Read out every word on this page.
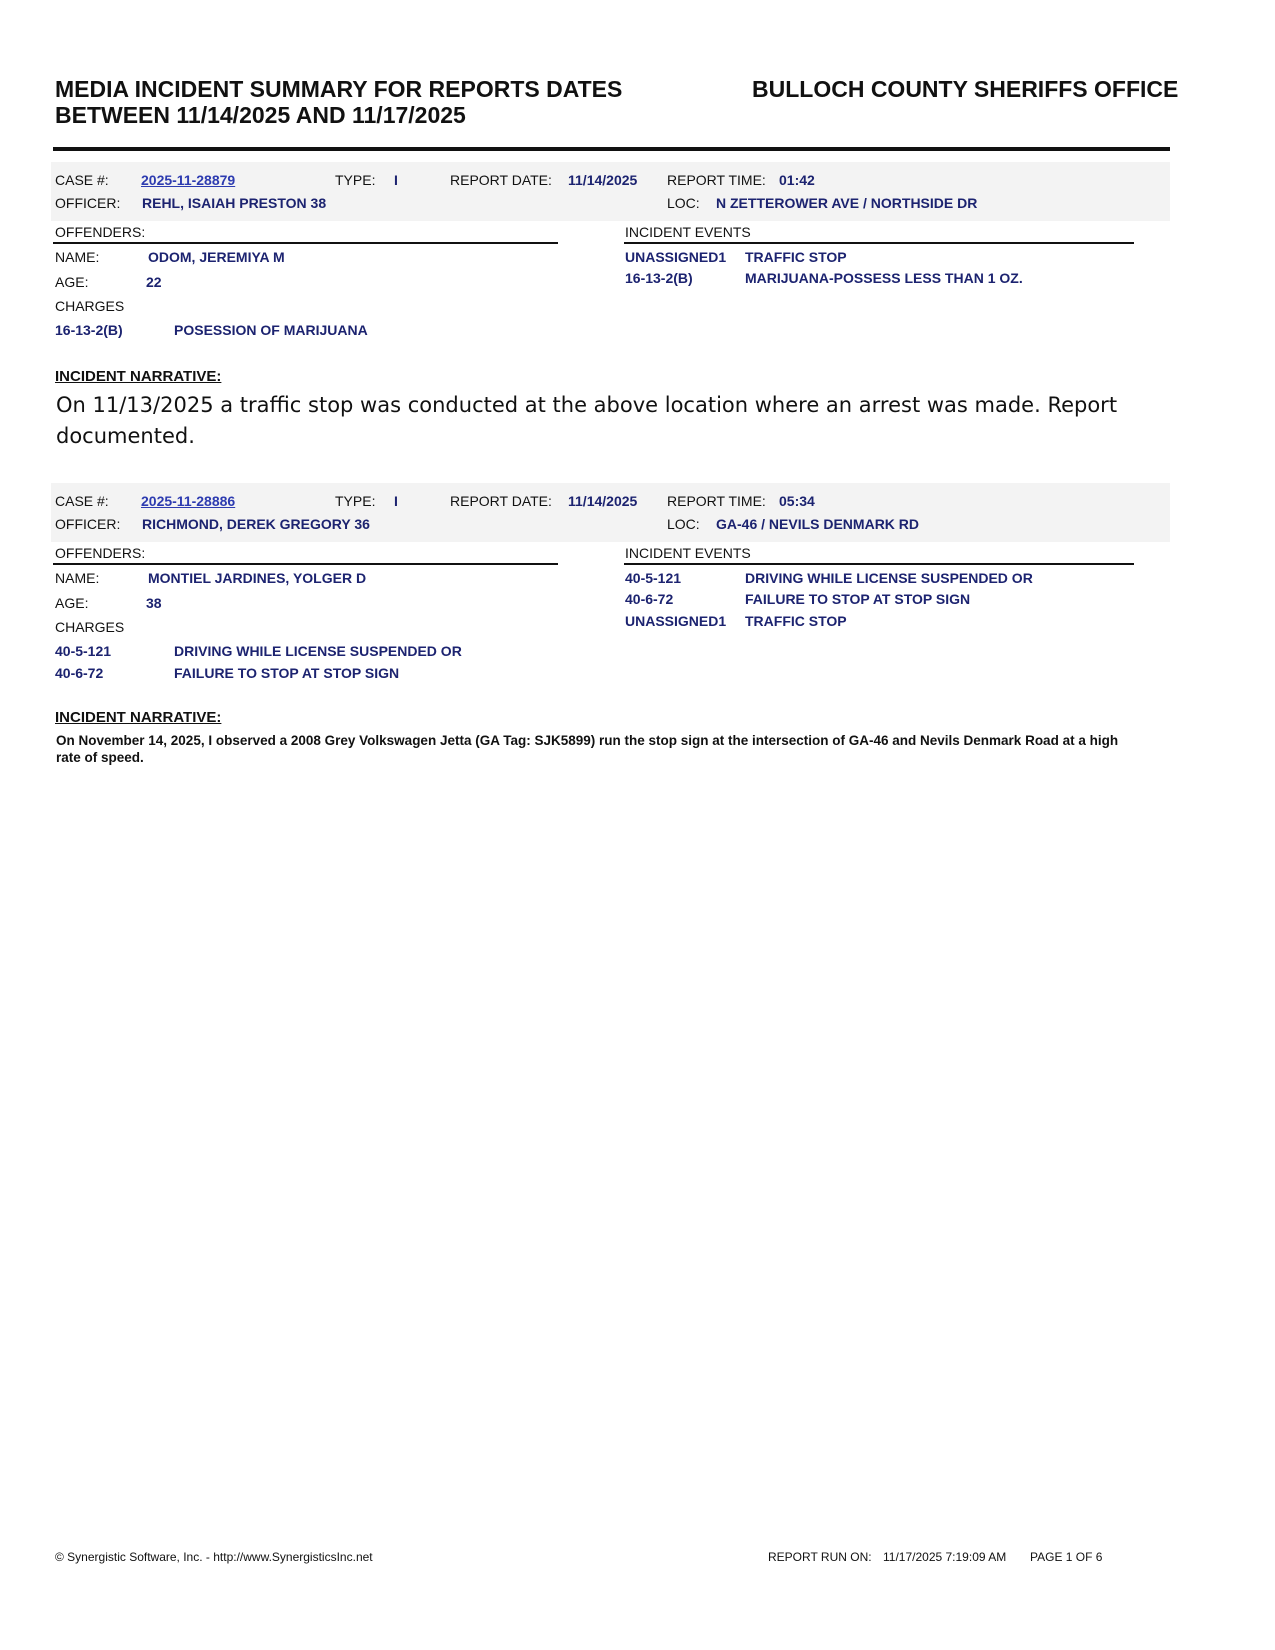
MEDIA INCIDENT SUMMARY FOR REPORTS DATES
BETWEEN 11/14/2025 AND 11/17/2025
BULLOCH COUNTY SHERIFFS OFFICE
CASE #: 2025-11-28879	TYPE: I	REPORT DATE: 11/14/2025 REPORT TIME: 01:42
OFFICER: REHL, ISAIAH PRESTON 38	LOC: N ZETTEROWER AVE / NORTHSIDE DR
OFFENDERS:	INCIDENT EVENTS
NAME:	ODOM, JEREMIYA M
AGE:	22
CHARGES
16-13-2(B)	POSESSION OF MARIJUANA
UNASSIGNED1 TRAFFIC STOP
16-13-2(B)	MARIJUANA-POSSESS LESS THAN 1 OZ.
INCIDENT NARRATIVE:
On 11/13/2025 a traffic stop was conducted at the above location where an arrest was made. Report documented.
CASE #: 2025-11-28886	TYPE: I	REPORT DATE: 11/14/2025 REPORT TIME: 05:34
OFFICER: RICHMOND, DEREK GREGORY 36	LOC: GA-46 / NEVILS DENMARK RD
OFFENDERS:	INCIDENT EVENTS
NAME:	MONTIEL JARDINES, YOLGER D
AGE:	38
CHARGES
40-5-121	DRIVING WHILE LICENSE SUSPENDED OR
40-6-72	FAILURE TO STOP AT STOP SIGN
40-5-121	DRIVING WHILE LICENSE SUSPENDED OR
40-6-72	FAILURE TO STOP AT STOP SIGN
UNASSIGNED1 TRAFFIC STOP
INCIDENT NARRATIVE:
On November 14, 2025, I observed a 2008 Grey Volkswagen Jetta (GA Tag: SJK5899) run the stop sign at the intersection of GA-46 and Nevils Denmark Road at a high rate of speed.
© Synergistic Software, Inc. - http://www.SynergisticsInc.net	REPORT RUN ON: 11/17/2025 7:19:09 AM PAGE 1 OF 6
